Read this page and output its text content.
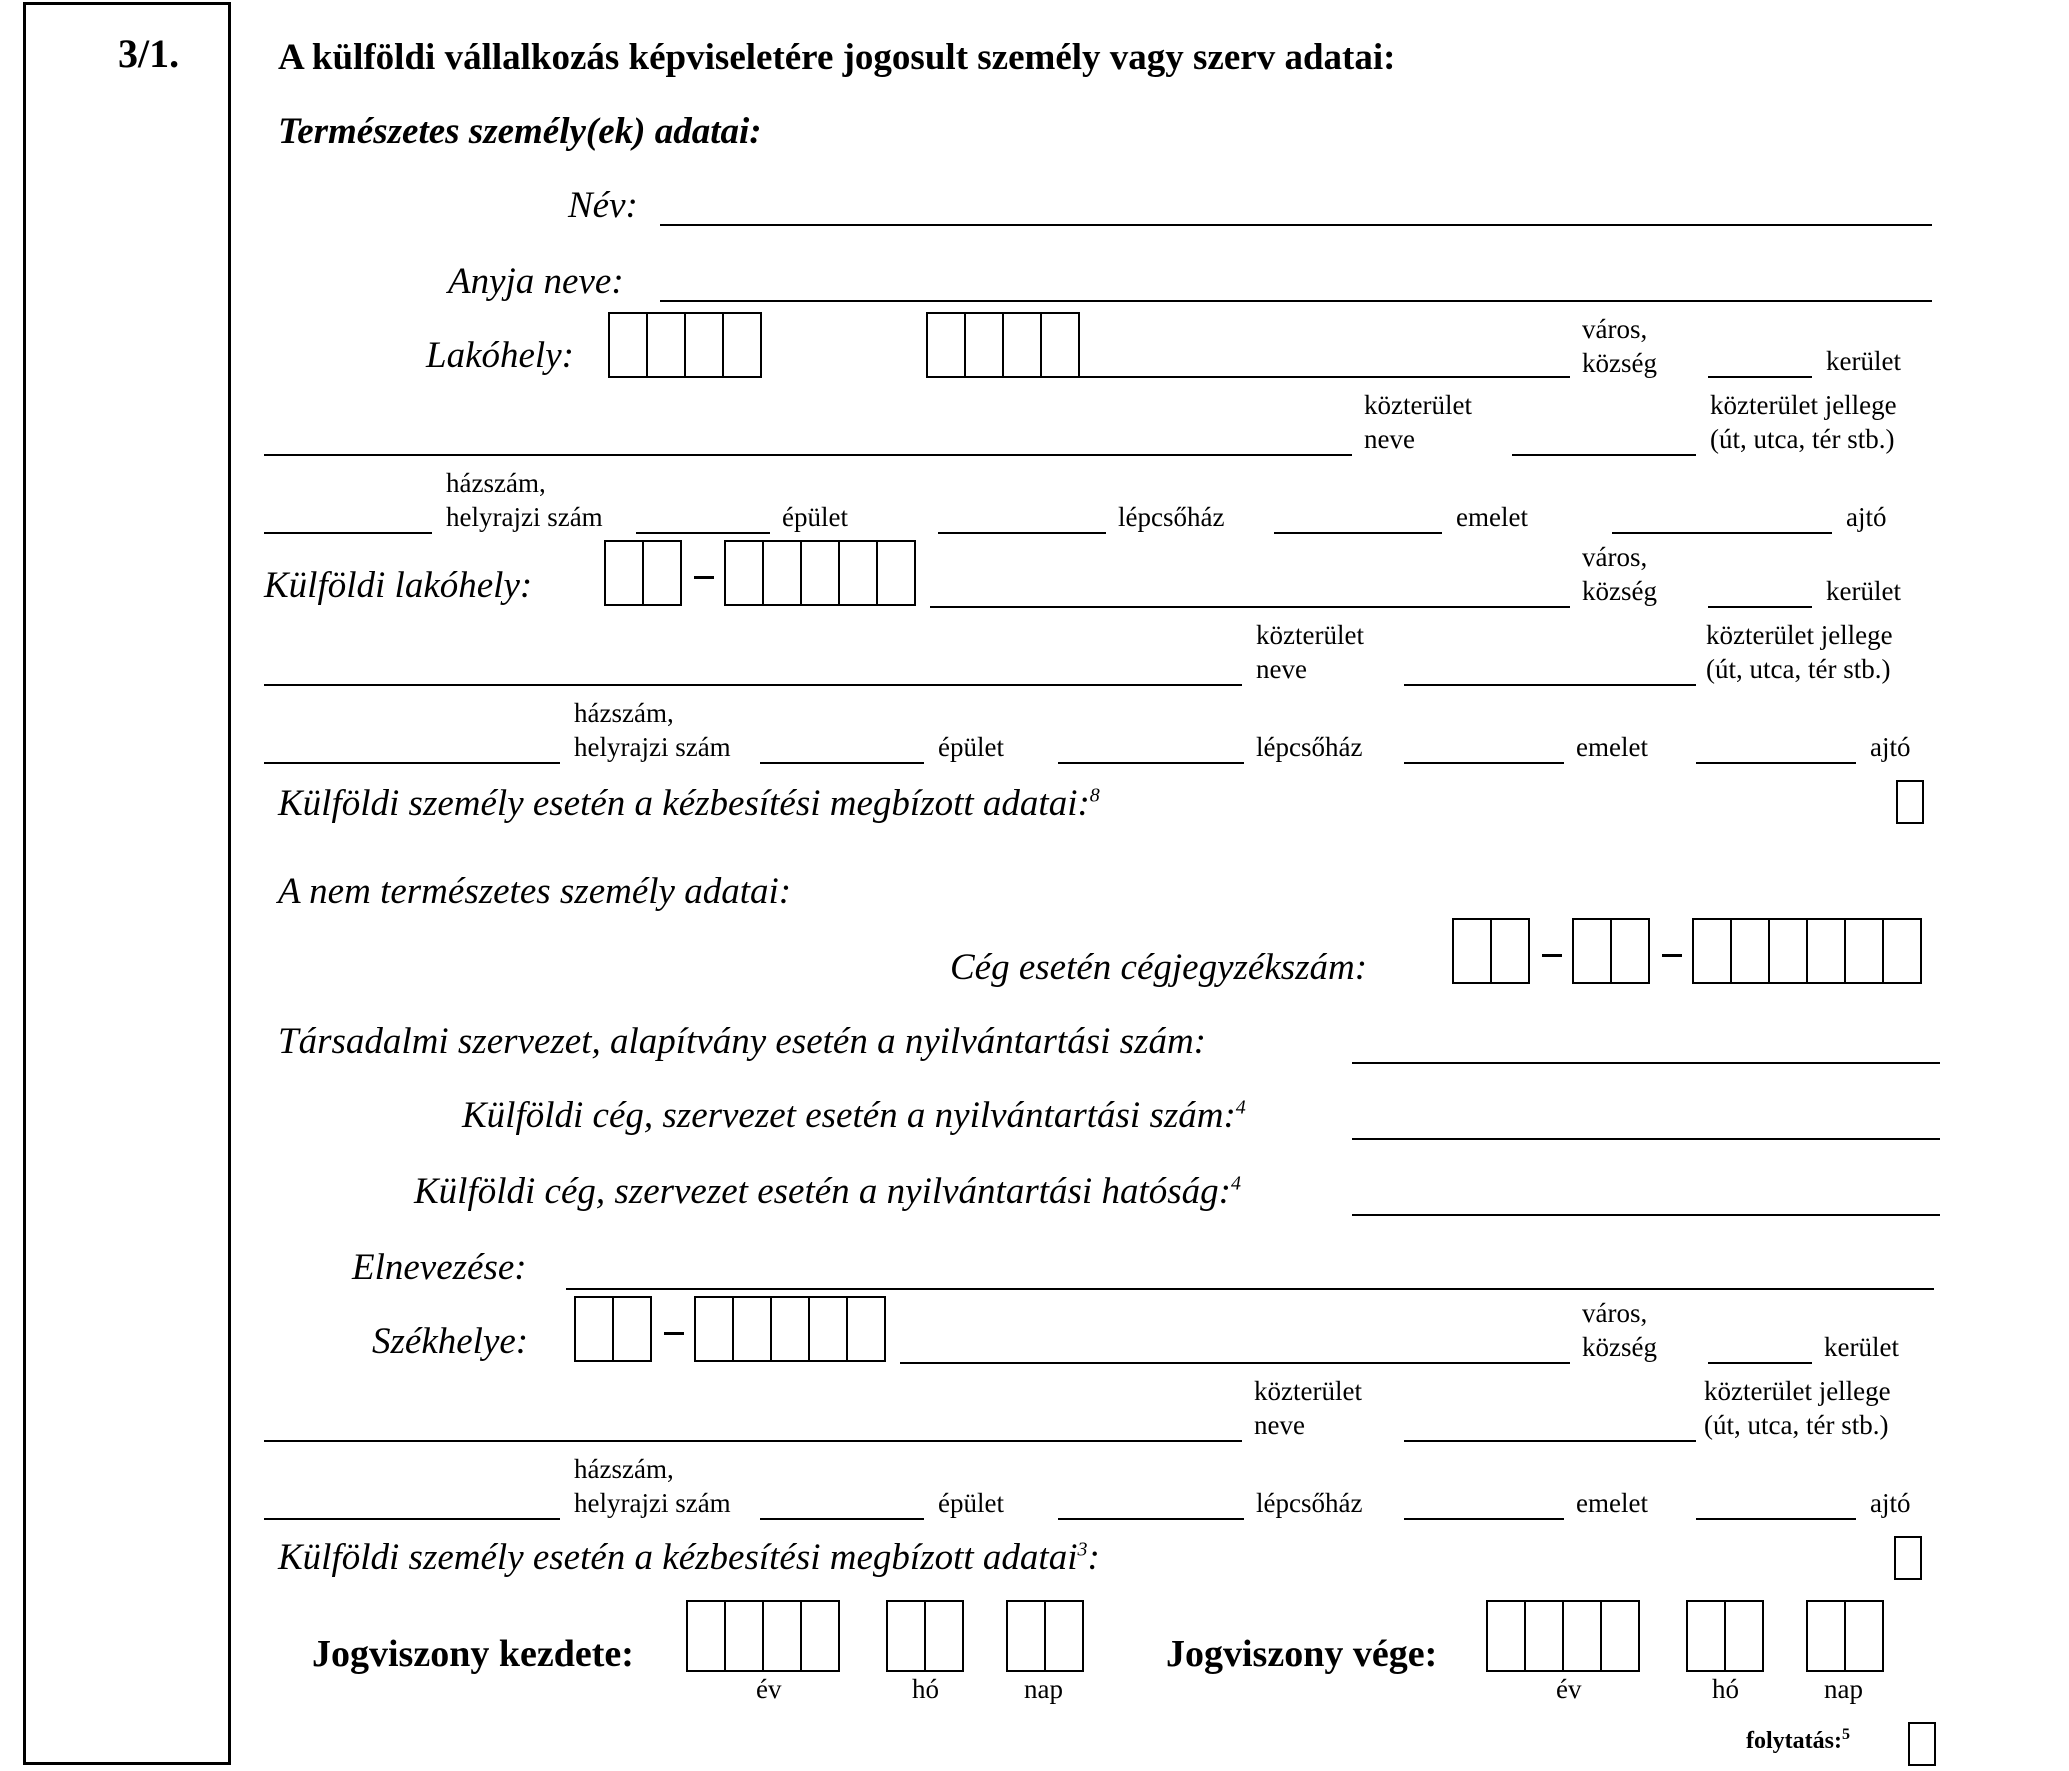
3/1.	A külföldi vállalkozás képviseletére jogosult személy vagy szerv adatai:
Természetes személy(ek) adatai:
Név:
Anyja neve:
Lakóhely:
város,
község	kerület
közterület
neve
közterület jellege
(út, utca, tér stb.)
házszám,
helyrajzi szám	épület	lépcsőház	emelet	ajtó
Külföldi lakóhely:
város,
község	kerület
közterület
neve
közterület jellege
(út, utca, tér stb.)
házszám,
helyrajzi szám	épület	lépcsőház	emelet	ajtó
Külföldi személy esetén a kézbesítési megbízott adatai:$^8$
A nem természetes személy adatai:
Cég esetén cégjegyzékszám:
Társadalmi szervezet, alapítvány esetén a nyilvántartási szám:
Külföldi cég, szervezet esetén a nyilvántartási szám:$^4$
Külföldi cég, szervezet esetén a nyilvántartási hatóság:$^4$
Elnevezése:
Székhelye:
város,
község	kerület
közterület
neve
közterület jellege
(út, utca, tér stb.)
házszám,
helyrajzi szám	épület	lépcsőház	emelet	ajtó
Külföldi személy esetén a kézbesítési megbízott adatai$^3$:
Jogviszony kezdete:
év	hó	nap
Jogviszony vége:
év	hó	nap
folytatás:$^5$
